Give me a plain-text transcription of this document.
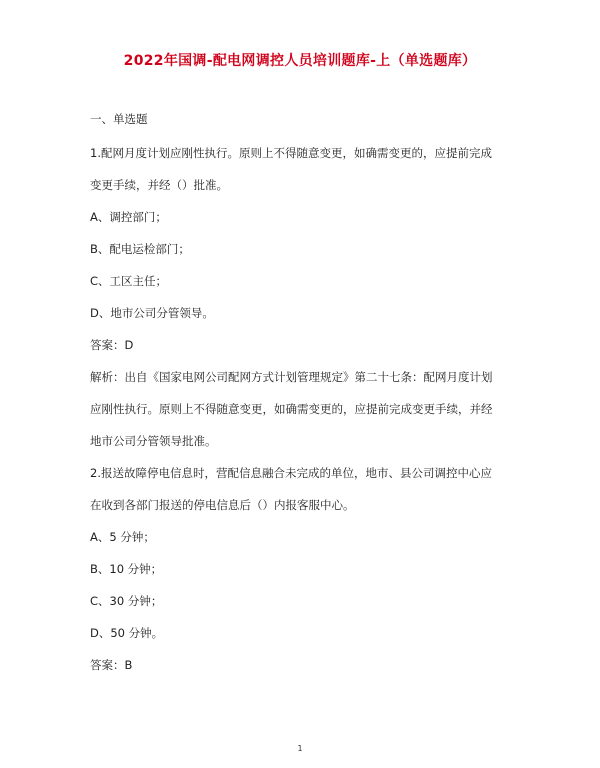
2022年国调-配电网调控人员培训题库-上（单选题库）
一、单选题
1.配网月度计划应刚性执行。原则上不得随意变更，如确需变更的，应提前完成
变更手续，并经（）批准。
A、调控部门；
B、配电运检部门；
C、工区主任；
D、地市公司分管领导。
答案：D
解析：出自《国家电网公司配网方式计划管理规定》第二十七条：配网月度计划
应刚性执行。原则上不得随意变更，如确需变更的，应提前完成变更手续，并经
地市公司分管领导批准。
2.报送故障停电信息时，营配信息融合未完成的单位，地市、县公司调控中心应
在收到各部门报送的停电信息后（）内报客服中心。
A、5 分钟；
B、10 分钟；
C、30 分钟；
D、50 分钟。
答案：B
1
